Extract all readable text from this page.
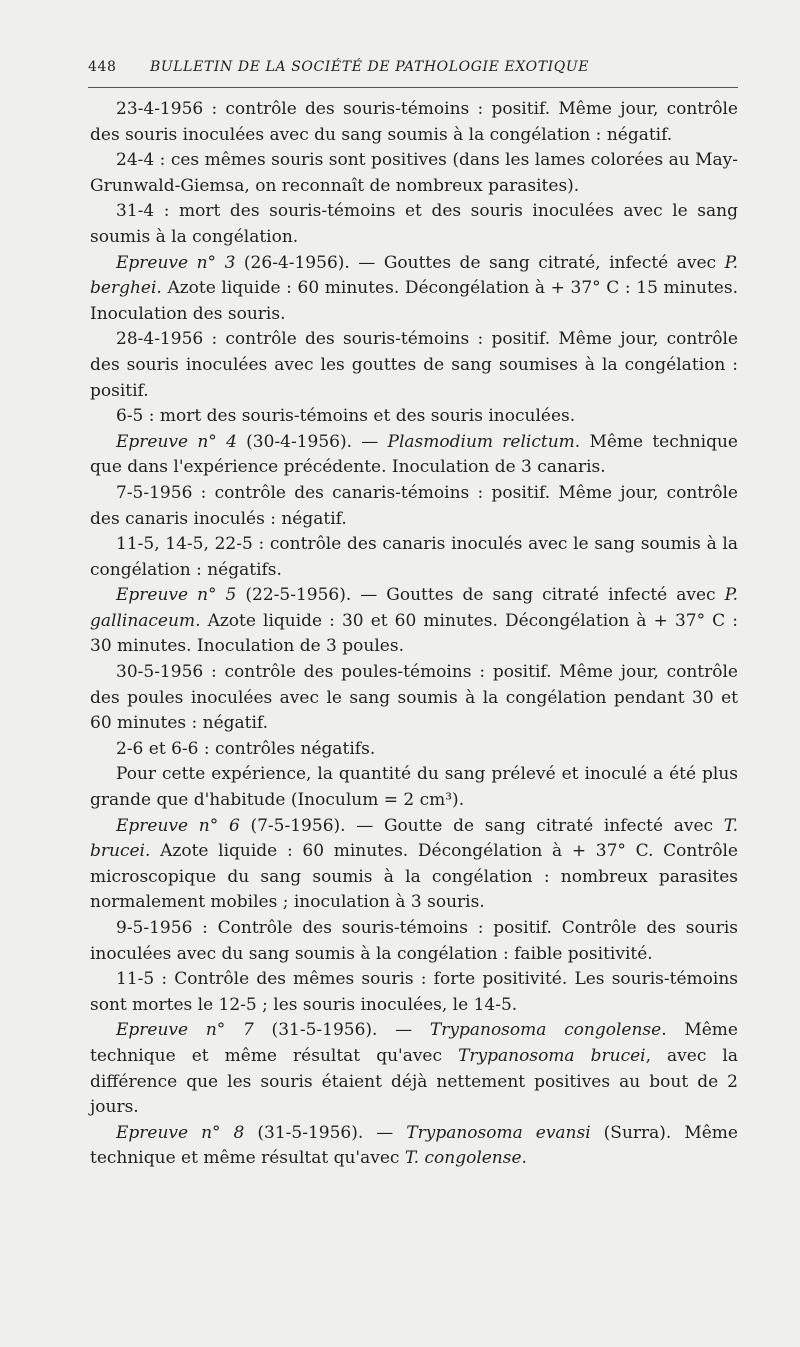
448 BULLETIN DE LA SOCIÉTÉ DE PATHOLOGIE EXOTIQUE

23-4-1956 : contrôle des souris-témoins : positif. Même jour, contrôle des souris inoculées avec du sang soumis à la congélation : négatif.

24-4 : ces mêmes souris sont positives (dans les lames colorées au May-Grunwald-Giemsa, on reconnaît de nombreux parasites).

31-4 : mort des souris-témoins et des souris inoculées avec le sang soumis à la congélation.

Epreuve n° 3 (26-4-1956). — Gouttes de sang citraté, infecté avec P. berghei. Azote liquide : 60 minutes. Décongélation à + 37° C : 15 minutes. Inoculation des souris.

28-4-1956 : contrôle des souris-témoins : positif. Même jour, contrôle des souris inoculées avec les gouttes de sang soumises à la congélation : positif.

6-5 : mort des souris-témoins et des souris inoculées.

Epreuve n° 4 (30-4-1956). — Plasmodium relictum. Même technique que dans l'expérience précédente. Inoculation de 3 canaris.

7-5-1956 : contrôle des canaris-témoins : positif. Même jour, contrôle des canaris inoculés : négatif.

11-5, 14-5, 22-5 : contrôle des canaris inoculés avec le sang soumis à la congélation : négatifs.

Epreuve n° 5 (22-5-1956). — Gouttes de sang citraté infecté avec P. gallinaceum. Azote liquide : 30 et 60 minutes. Décongélation à + 37° C : 30 minutes. Inoculation de 3 poules.

30-5-1956 : contrôle des poules-témoins : positif. Même jour, contrôle des poules inoculées avec le sang soumis à la congélation pendant 30 et 60 minutes : négatif.

2-6 et 6-6 : contrôles négatifs.

Pour cette expérience, la quantité du sang prélevé et inoculé a été plus grande que d'habitude (Inoculum = 2 cm³).

Epreuve n° 6 (7-5-1956). — Goutte de sang citraté infecté avec T. brucei. Azote liquide : 60 minutes. Décongélation à + 37° C. Contrôle microscopique du sang soumis à la congélation : nombreux parasites normalement mobiles ; inoculation à 3 souris.

9-5-1956 : Contrôle des souris-témoins : positif. Contrôle des souris inoculées avec du sang soumis à la congélation : faible positivité.

11-5 : Contrôle des mêmes souris : forte positivité. Les souris-témoins sont mortes le 12-5 ; les souris inoculées, le 14-5.

Epreuve n° 7 (31-5-1956). — Trypanosoma congolense. Même technique et même résultat qu'avec Trypanosoma brucei, avec la différence que les souris étaient déjà nettement positives au bout de 2 jours.

Epreuve n° 8 (31-5-1956). — Trypanosoma evansi (Surra). Même technique et même résultat qu'avec T. congolense.
